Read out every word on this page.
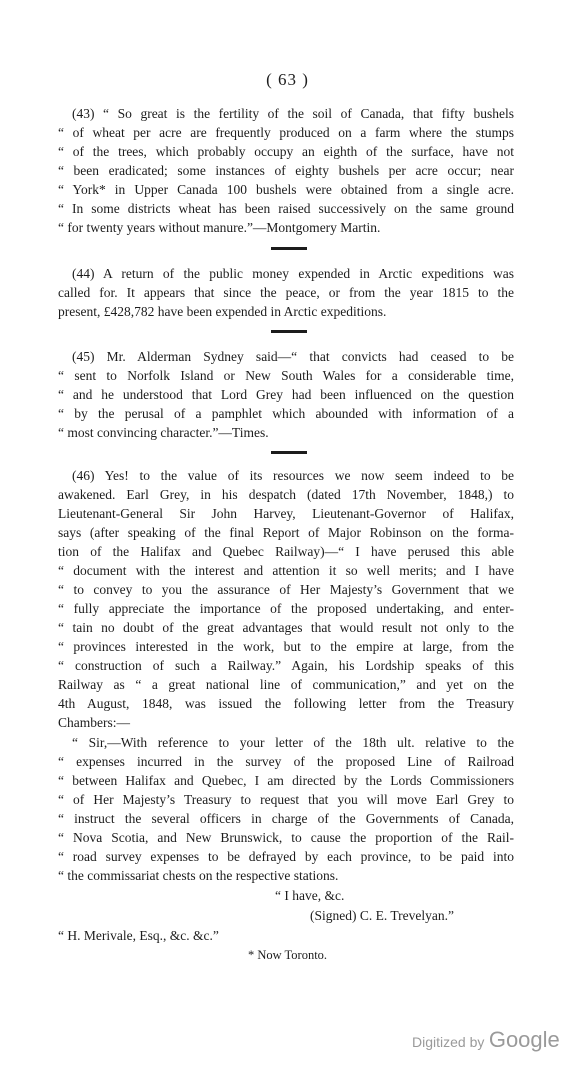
( 63 )
(43) “ So great is the fertility of the soil of Canada, that fifty bushels
“ of wheat per acre are frequently produced on a farm where the stumps
“ of the trees, which probably occupy an eighth of the surface, have not
“ been eradicated; some instances of eighty bushels per acre occur; near
“ York* in Upper Canada 100 bushels were obtained from a single acre.
“ In some districts wheat has been raised successively on the same ground
“ for twenty years without manure.”—Montgomery Martin.
(44) A return of the public money expended in Arctic expeditions was
called for. It appears that since the peace, or from the year 1815 to the
present, £428,782 have been expended in Arctic expeditions.
(45) Mr. Alderman Sydney said—“ that convicts had ceased to be
“ sent to Norfolk Island or New South Wales for a considerable time,
“ and he understood that Lord Grey had been influenced on the question
“ by the perusal of a pamphlet which abounded with information of a
“ most convincing character.”—Times.
(46) Yes! to the value of its resources we now seem indeed to be
awakened. Earl Grey, in his despatch (dated 17th November, 1848,) to
Lieutenant-General Sir John Harvey, Lieutenant-Governor of Halifax,
says (after speaking of the final Report of Major Robinson on the forma-
tion of the Halifax and Quebec Railway)—“ I have perused this able
“ document with the interest and attention it so well merits; and I have
“ to convey to you the assurance of Her Majesty’s Government that we
“ fully appreciate the importance of the proposed undertaking, and enter-
“ tain no doubt of the great advantages that would result not only to the
“ provinces interested in the work, but to the empire at large, from the
“ construction of such a Railway.” Again, his Lordship speaks of this
Railway as “ a great national line of communication,” and yet on the
4th August, 1848, was issued the following letter from the Treasury
Chambers:—
“ Sir,—With reference to your letter of the 18th ult. relative to the
“ expenses incurred in the survey of the proposed Line of Railroad
“ between Halifax and Quebec, I am directed by the Lords Commissioners
“ of Her Majesty’s Treasury to request that you will move Earl Grey to
“ instruct the several officers in charge of the Governments of Canada,
“ Nova Scotia, and New Brunswick, to cause the proportion of the Rail-
“ road survey expenses to be defrayed by each province, to be paid into
“ the commissariat chests on the respective stations.
“ I have, &c.
(Signed) C. E. Trevelyan.”
“ H. Merivale, Esq., &c. &c.”
* Now Toronto.
Digitized by Google
